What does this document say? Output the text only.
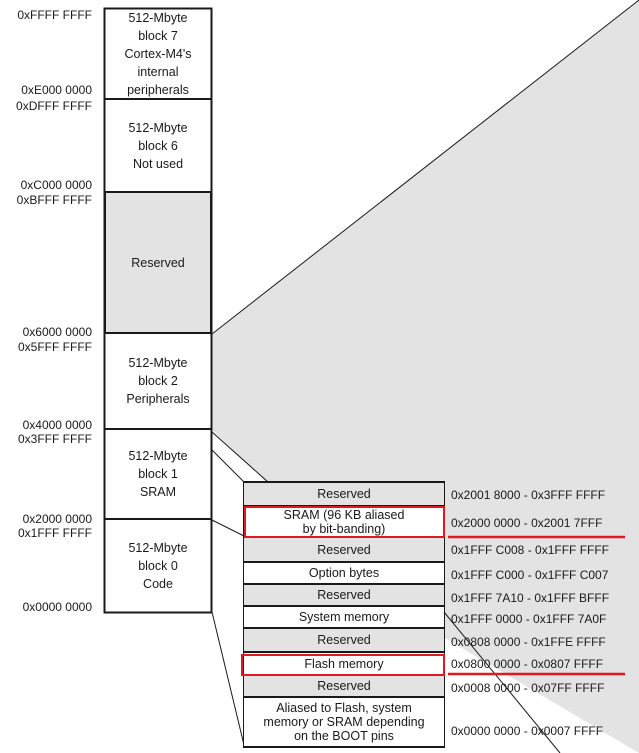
0xFFFF FFFF
0xE000 0000
0xDFFF FFFF
0xC000 0000
0xBFFF FFFF
0x6000 0000
0x5FFF FFFF
0x4000 0000
0x3FFF FFFF
0x2000 0000
0x1FFF FFFF
0x0000 0000
512-Mbyte
block 7
Cortex-M4's
internal
peripherals
512-Mbyte
block 6
Not used
Reserved
512-Mbyte
block 2
Peripherals
512-Mbyte
block 1
SRAM
512-Mbyte
block 0
Code
Reserved
SRAM (96 KB aliased
by bit-banding)
Reserved
Option bytes
Reserved
System memory
Reserved
Flash memory
Reserved
Aliased to Flash, system
memory or SRAM depending
on the BOOT pins
0x2001 8000 - 0x3FFF FFFF
0x2000 0000 - 0x2001 7FFF
0x1FFF C008 - 0x1FFF FFFF
0x1FFF C000 - 0x1FFF C007
0x1FFF 7A10 - 0x1FFF BFFF
0x1FFF 0000 - 0x1FFF 7A0F
0x0808 0000 - 0x1FFE FFFF
0x0800 0000 - 0x0807 FFFF
0x0008 0000 - 0x07FF FFFF
0x0000 0000 - 0x0007 FFFF
